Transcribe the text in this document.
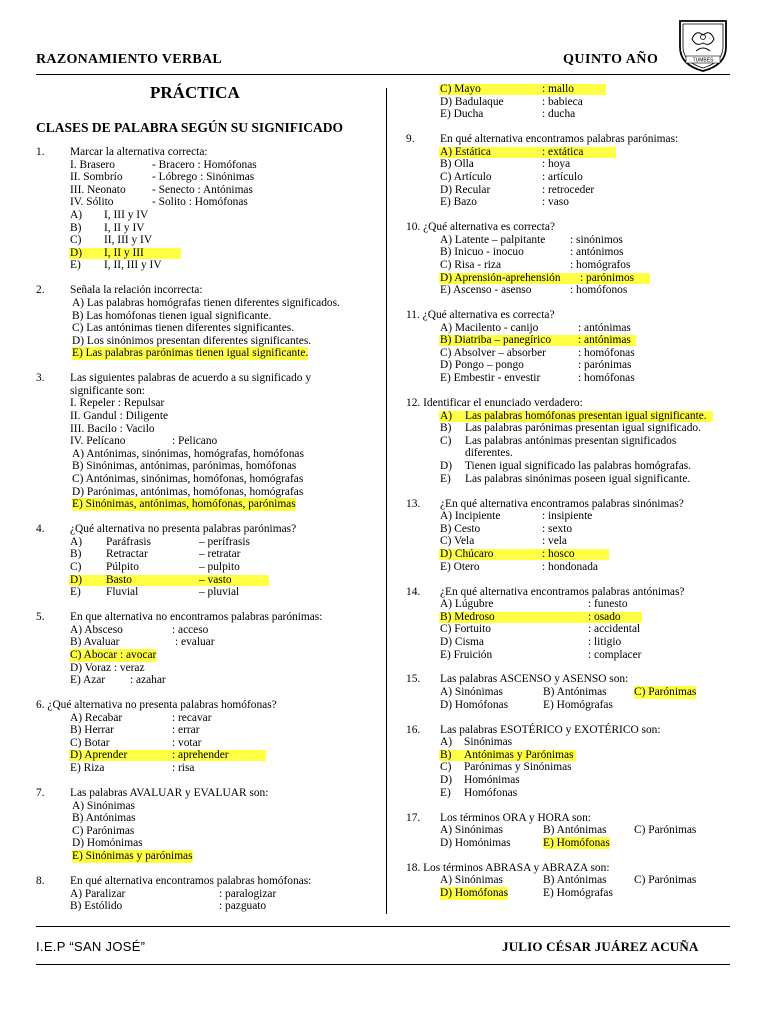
RAZONAMIENTO VERBAL	QUINTO AÑO	TUMBES
PRÁCTICA
CLASES DE PALABRA SEGÚN SU SIGNIFICADO
1. Marcar la alternativa correcta:
I. Brasero	- Bracero : Homófonas
II. Sombrío	- Lóbrego : Sinónimas
III. Neonato - Senecto : Antónimas
IV. Sólito	- Solito : Homófonas
A) I, III y IV
B) I, II y IV
C) II, III y IV
D) I, II y III
E) I, II, III y IV
2. Señala la relación incorrecta:
A) Las palabras homógrafas tienen diferentes significados.
B) Las homófonas tienen igual significante.
C) Las antónimas tienen diferentes significantes.
D) Los sinónimos presentan diferentes significantes.
E) Las palabras parónimas tienen igual significante.
3. Las siguientes palabras de acuerdo a su significado y
significante son:
I. Repeler : Repulsar
II. Gandul : Diligente
III. Bacilo : Vacilo
IV. Pelícano	: Pelicano
A) Antónimas, sinónimas, homógrafas, homófonas
B) Sinónimas, antónimas, parónimas, homófonas
C) Antónimas, sinónimas, homófonas, homógrafas
D) Parónimas, antónimas, homófonas, homógrafas
E) Sinónimas, antónimas, homófonas, parónimas
4. ¿Qué alternativa no presenta palabras parónimas?
A) Paráfrasis	– perífrasis
B) Retractar	– retratar
C) Púlpito	– pulpito
D) Basto	– vasto
E) Fluvial	– pluvial
5. En que alternativa no encontramos palabras parónimas:
A) Absceso	: acceso
B) Avaluar	: evaluar
C) Abocar : avocar
D) Voraz : veraz
E) Azar : azahar
6. ¿Qué alternativa no presenta palabras homófonas?
A) Recabar	: recavar
B) Herrar	: errar
C) Botar	: votar
D) Aprender	: aprehender
E) Riza	: risa
7. Las palabras AVALUAR y EVALUAR son:
A) Sinónimas
B) Antónimas
C) Parónimas
D) Homónimas
E) Sinónimas y parónimas
8. En qué alternativa encontramos palabras homófonas:
A) Paralizar	: paralogizar
B) Estólido	: pazguato
C) Mayo	: mallo
D) Badulaque	: babieca
E) Ducha	: ducha
9. En qué alternativa encontramos palabras parónimas:
A) Estática	: extática
B) Olla	: hoya
C) Artículo	: artículo
D) Recular	: retroceder
E) Bazo	: vaso
10. ¿Qué alternativa es correcta?
A) Latente – palpitante : sinónimos
B) Inicuo - inocuo	: antónimos
C) Risa - riza	: homógrafos
D) Aprensión-aprehensión : parónimos
E) Ascenso - asenso	: homófonos
11. ¿Qué alternativa es correcta?
A) Macilento - canijo	: antónimas
B) Diatriba – panegírico : antónimas
C) Absolver – absorber	: homófonas
D) Pongo – pongo	: parónimas
E) Embestir - envestir	: homófonas
12. Identificar el enunciado verdadero:
A) Las palabras homófonas presentan igual significante.
B) Las palabras parónimas presentan igual significado.
C) Las palabras antónimas presentan significados
diferentes.
D) Tienen igual significado las palabras homógrafas.
E) Las palabras sinónimas poseen igual significante.
13. ¿En qué alternativa encontramos palabras sinónimas?
A) Incipiente	: insipiente
B) Cesto	: sexto
C) Vela	: vela
D) Chúcaro	: hosco
E) Otero	: hondonada
14. ¿En qué alternativa encontramos palabras antónimas?
A) Lúgubre	: funesto
B) Medroso	: osado
C) Fortuito	: accidental
D) Cisma	: litigio
E) Fruición	: complacer
15. Las palabras ASCENSO y ASENSO son:
A) Sinónimas	B) Antónimas C) Parónimas
D) Homófonas	E) Homógrafas
16. Las palabras ESOTÉRICO y EXOTÉRICO son:
A) Sinónimas
B) Antónimas y Parónimas
C) Parónimas y Sinónimas
D) Homónimas
E) Homófonas
17. Los términos ORA y HORA son:
A) Sinónimas	B) Antónimas C) Parónimas
D) Homónimas	E) Homófonas
18. Los términos ABRASA y ABRAZA son:
A) Sinónimas	B) Antónimas C) Parónimas
D) Homófonas	E) Homógrafas
I.E.P “SAN JOSÉ”	JULIO CÉSAR JUÁREZ ACUÑA
